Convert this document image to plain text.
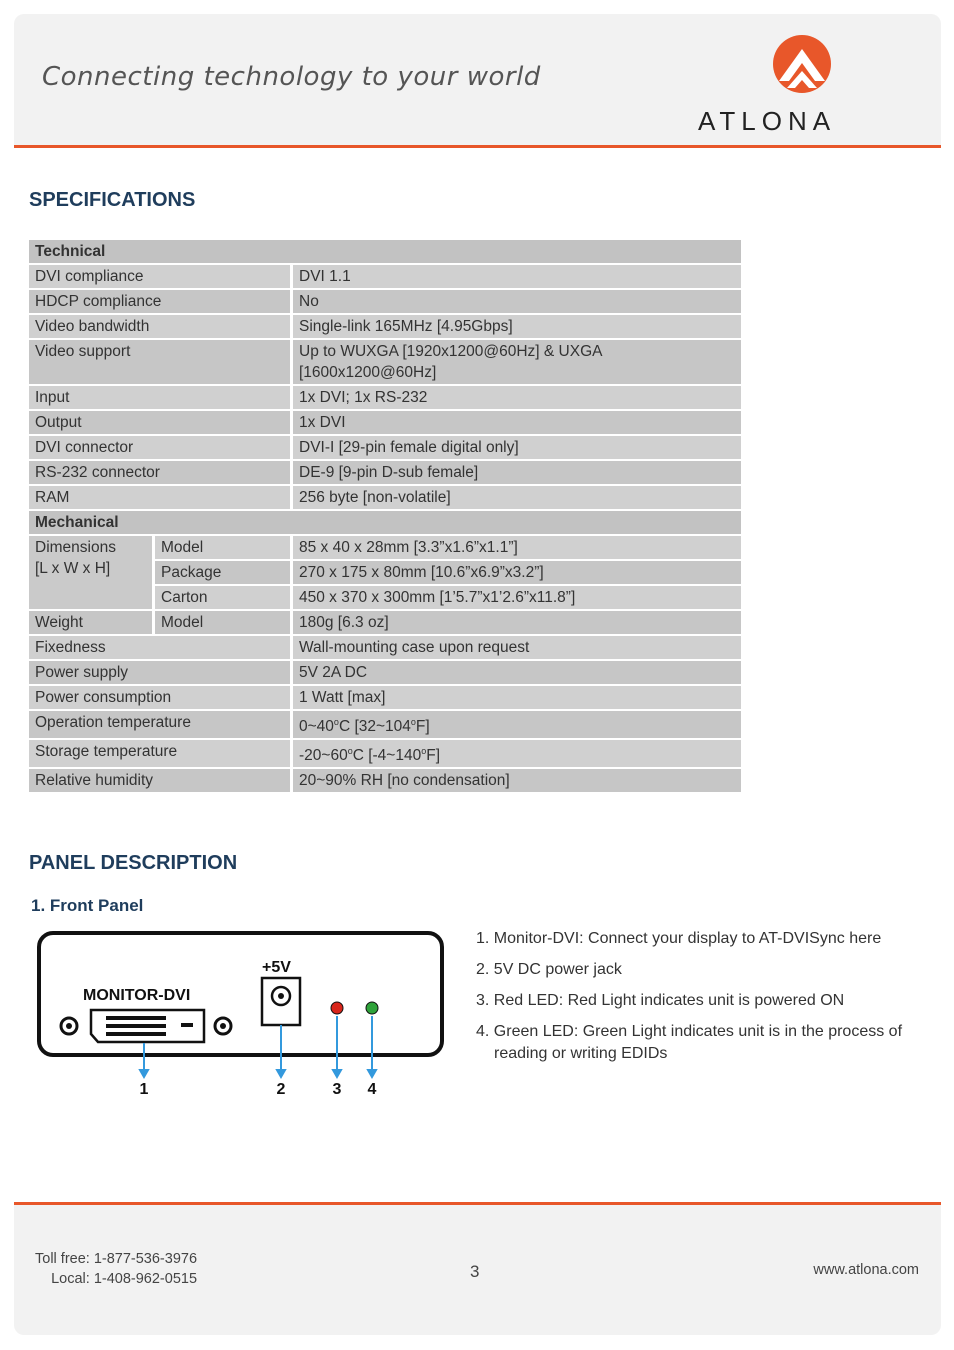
Connecting technology to your world
ATLONA
SPECIFICATIONS
Technical		
DVI compliance		DVI 1.1
HDCP compliance		No
Video bandwidth		Single-link 165MHz [4.95Gbps]
Video support		Up to WUXGA [1920x1200@60Hz] & UXGA [1600x1200@60Hz]
Input		1x DVI; 1x RS-232
Output		1x DVI
DVI connector		DVI-I [29-pin female digital only]
RS-232 connector		DE-9 [9-pin D-sub female]
RAM		256 byte [non-volatile]
Mechanical		

Dimensions
[L x W x H]	Model	85 x 40 x 28mm [3.3”x1.6”x1.1”]
	Package	270 x 175 x 80mm [10.6”x6.9”x3.2”]
	Carton	450 x 370 x 300mm [1’5.7”x1’2.6”x11.8”]
Weight	Model	180g [6.3 oz]
Fixedness		Wall-mounting case upon request
Power supply		5V 2A DC
Power consumption		1 Watt [max]
Operation temperature		0~40$^o$C [32~104$^o$F]
Storage temperature		-20~60$^o$C [-4~140$^o$F]
Relative humidity		20~90% RH [no condensation]
PANEL DESCRIPTION
1. Front Panel
MONITOR-DVI
+5V
1	2	3 4
1. Monitor-DVI: Connect your display to AT-DVISync here
2. 5V DC power jack
3. Red LED: Red Light indicates unit is powered ON
4. Green LED: Green Light indicates unit is in the process of reading or writing EDIDs
Toll free: 1-877-536-3976
Local: 1-408-962-0515	3	www.atlona.com
